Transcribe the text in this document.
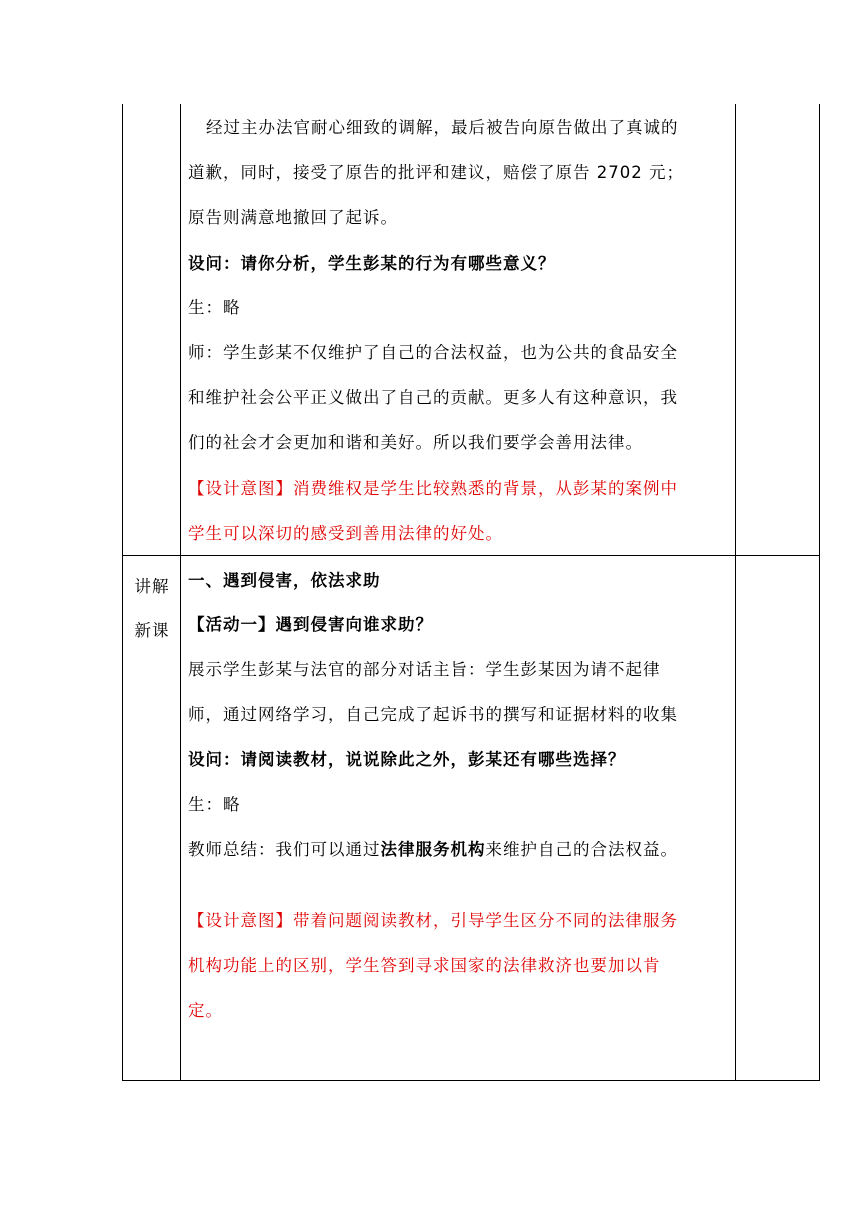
经过主办法官耐心细致的调解，最后被告向原告做出了真诚的
道歉，同时，接受了原告的批评和建议，赔偿了原告 2702 元；
原告则满意地撤回了起诉。
设问：请你分析，学生彭某的行为有哪些意义？
生：略
师：学生彭某不仅维护了自己的合法权益，也为公共的食品安全
和维护社会公平正义做出了自己的贡献。更多人有这种意识，我
们的社会才会更加和谐和美好。所以我们要学会善用法律。
【设计意图】消费维权是学生比较熟悉的背景，从彭某的案例中
学生可以深切的感受到善用法律的好处。
讲解
新课
一、遇到侵害，依法求助
【活动一】遇到侵害向谁求助？
展示学生彭某与法官的部分对话主旨：学生彭某因为请不起律
师，通过网络学习，自己完成了起诉书的撰写和证据材料的收集
设问：请阅读教材，说说除此之外，彭某还有哪些选择？
生：略
教师总结：我们可以通过法律服务机构来维护自己的合法权益。
【设计意图】带着问题阅读教材，引导学生区分不同的法律服务
机构功能上的区别，学生答到寻求国家的法律救济也要加以肯
定。
